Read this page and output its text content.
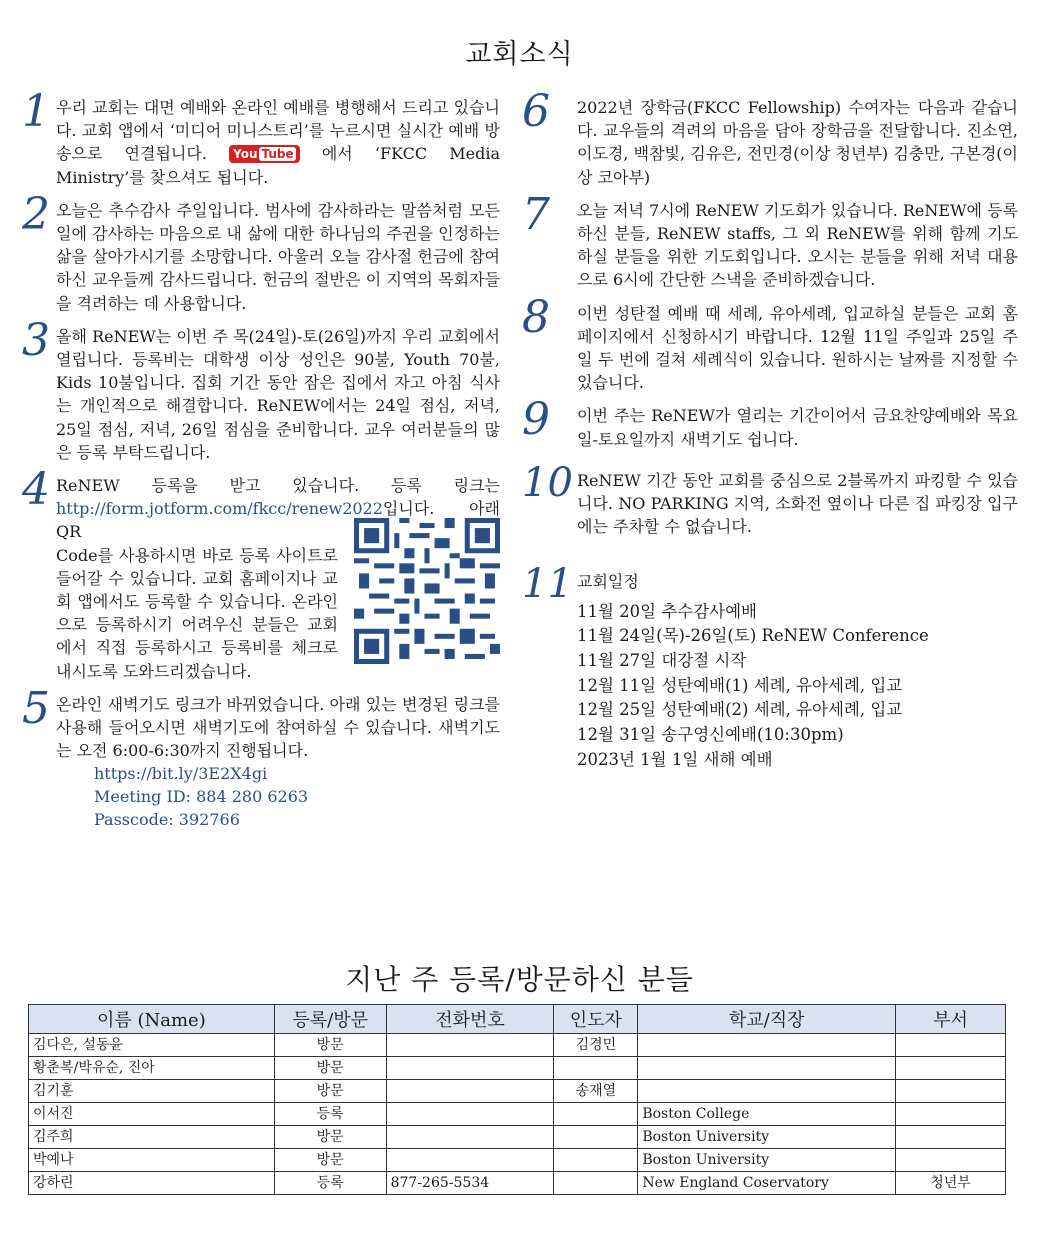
교회소식
1 우리 교회는 대면 예배와 온라인 예배를 병행해서 드리고 있습니다. 교회 앱에서 ‘미디어 미니스트리’를 누르시면 실시간 예배 방송으로 연결됩니다. You Tube 에서 ‘FKCC Media Ministry’를 찾으셔도 됩니다.
2 오늘은 추수감사 주일입니다. 범사에 감사하라는 말씀처럼 모든 일에 감사하는 마음으로 내 삶에 대한 하나님의 주권을 인정하는 삶을 살아가시기를 소망합니다. 아울러 오늘 감사절 헌금에 참여하신 교우들께 감사드립니다. 헌금의 절반은 이 지역의 목회자들을 격려하는 데 사용합니다.
3 올해 ReNEW는 이번 주 목(24일)-토(26일)까지 우리 교회에서 열립니다. 등록비는 대학생 이상 성인은 90불, Youth 70불, Kids 10불입니다. 집회 기간 동안 잠은 집에서 자고 아침 식사는 개인적으로 해결합니다. ReNEW에서는 24일 점심, 저녁, 25일 점심, 저녁, 26일 점심을 준비합니다. 교우 여러분들의 많은 등록 부탁드립니다.
4 ReNEW 등록을 받고 있습니다. 등록 링크는 http://form.jotform.com/fkcc/renew2022입니다. 아래 QR
Code를 사용하시면 바로 등록 사이트로 들어갈 수 있습니다. 교회 홈페이지나 교회 앱에서도 등록할 수 있습니다. 온라인으로 등록하시기 어려우신 분들은 교회에서 직접 등록하시고 등록비를 체크로 내시도록 도와드리겠습니다.
5 온라인 새벽기도 링크가 바뀌었습니다. 아래 있는 변경된 링크를 사용해 들어오시면 새벽기도에 참여하실 수 있습니다. 새벽기도는 오전 6:00-6:30까지 진행됩니다.
https://bit.ly/3E2X4gi
Meeting ID: 884 280 6263
Passcode: 392766
6 2022년 장학금(FKCC Fellowship) 수여자는 다음과 같습니다. 교우들의 격려의 마음을 담아 장학금을 전달합니다. 진소연, 이도경, 백참빛, 김유은, 전민경(이상 청년부) 김충만, 구본경(이상 코아부)
7 오늘 저녁 7시에 ReNEW 기도회가 있습니다. ReNEW에 등록하신 분들, ReNEW staffs, 그 외 ReNEW를 위해 함께 기도하실 분들을 위한 기도회입니다. 오시는 분들을 위해 저녁 대용으로 6시에 간단한 스낵을 준비하겠습니다.
8 이번 성탄절 예배 때 세례, 유아세례, 입교하실 분들은 교회 홈페이지에서 신청하시기 바랍니다. 12월 11일 주일과 25일 주일 두 번에 걸쳐 세례식이 있습니다. 원하시는 날짜를 지정할 수 있습니다.
9 이번 주는 ReNEW가 열리는 기간이어서 금요찬양예배와 목요일-토요일까지 새벽기도 쉽니다.
10 ReNEW 기간 동안 교회를 중심으로 2블록까지 파킹할 수 있습니다. NO PARKING 지역, 소화전 옆이나 다른 집 파킹장 입구에는 주차할 수 없습니다.
11 교회일정
11월 20일 추수감사예배
11월 24일(목)-26일(토) ReNEW Conference
11월 27일 대강절 시작
12월 11일 성탄예배(1) 세례, 유아세례, 입교
12월 25일 성탄예배(2) 세례, 유아세례, 입교
12월 31일 송구영신예배(10:30pm)
2023년 1월 1일 새해 예배
지난 주 등록/방문하신 분들
이름 (Name)	등록/방문	전화번호	인도자	학교/직장	부서
김다은, 설동윤	방문		김경민		
황춘복/박유순, 진아	방문				
김기훈	방문		송재열		
이서진	등록			Boston College	
김주희	방문			Boston University	
박예나	방문			Boston University	
강하린	등록	877-265-5534		New England Coservatory	청년부
